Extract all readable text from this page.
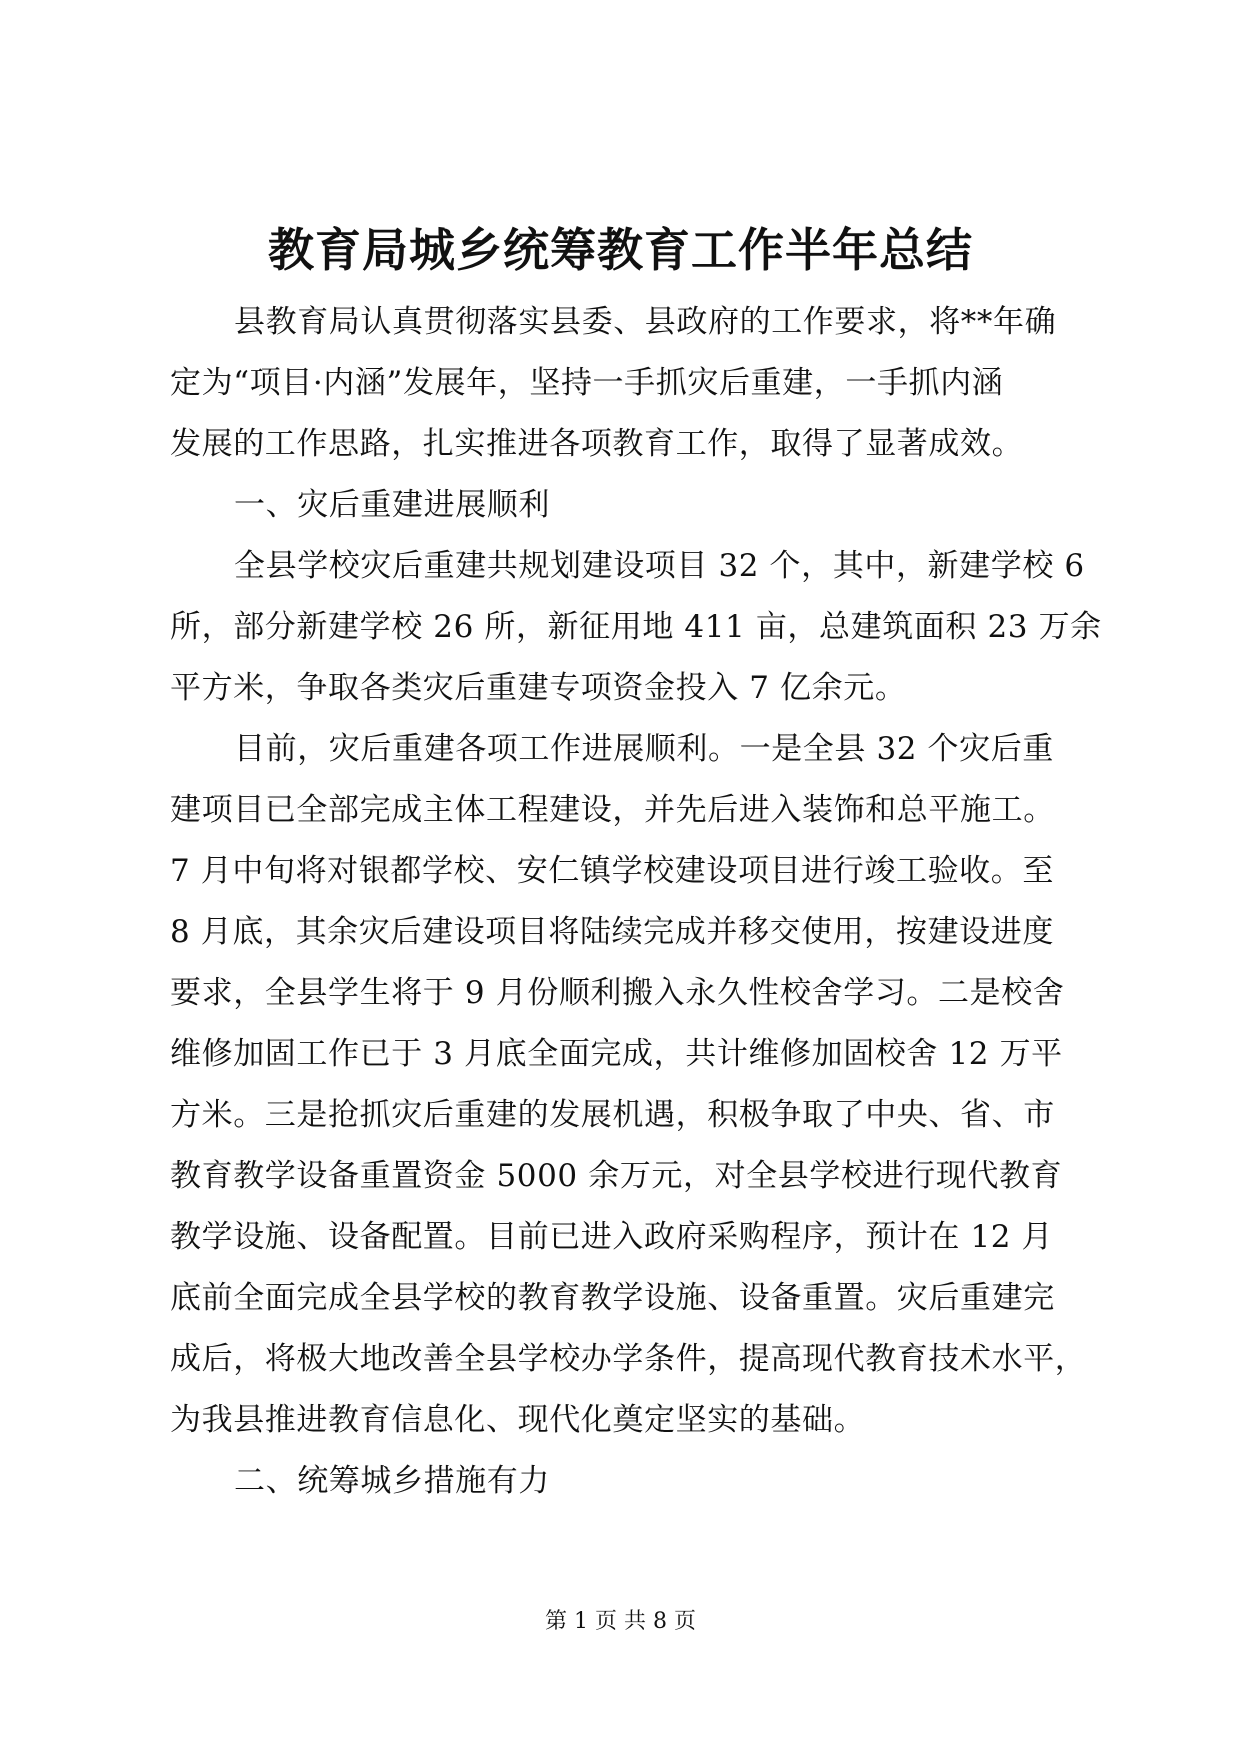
教育局城乡统筹教育工作半年总结
县教育局认真贯彻落实县委、县政府的工作要求，将**年确
定为“项目·内涵”发展年，坚持一手抓灾后重建，一手抓内涵
发展的工作思路，扎实推进各项教育工作，取得了显著成效。
一、灾后重建进展顺利
全县学校灾后重建共规划建设项目 32 个，其中，新建学校 6
所，部分新建学校 26 所，新征用地 411 亩，总建筑面积 23 万余
平方米，争取各类灾后重建专项资金投入 7 亿余元。
目前，灾后重建各项工作进展顺利。一是全县 32 个灾后重
建项目已全部完成主体工程建设，并先后进入装饰和总平施工。
7 月中旬将对银都学校、安仁镇学校建设项目进行竣工验收。至
8 月底，其余灾后建设项目将陆续完成并移交使用，按建设进度
要求，全县学生将于 9 月份顺利搬入永久性校舍学习。二是校舍
维修加固工作已于 3 月底全面完成，共计维修加固校舍 12 万平
方米。三是抢抓灾后重建的发展机遇，积极争取了中央、省、市
教育教学设备重置资金 5000 余万元，对全县学校进行现代教育
教学设施、设备配置。目前已进入政府采购程序，预计在 12 月
底前全面完成全县学校的教育教学设施、设备重置。灾后重建完
成后，将极大地改善全县学校办学条件，提高现代教育技术水平，
为我县推进教育信息化、现代化奠定坚实的基础。
二、统筹城乡措施有力
第 1 页 共 8 页
